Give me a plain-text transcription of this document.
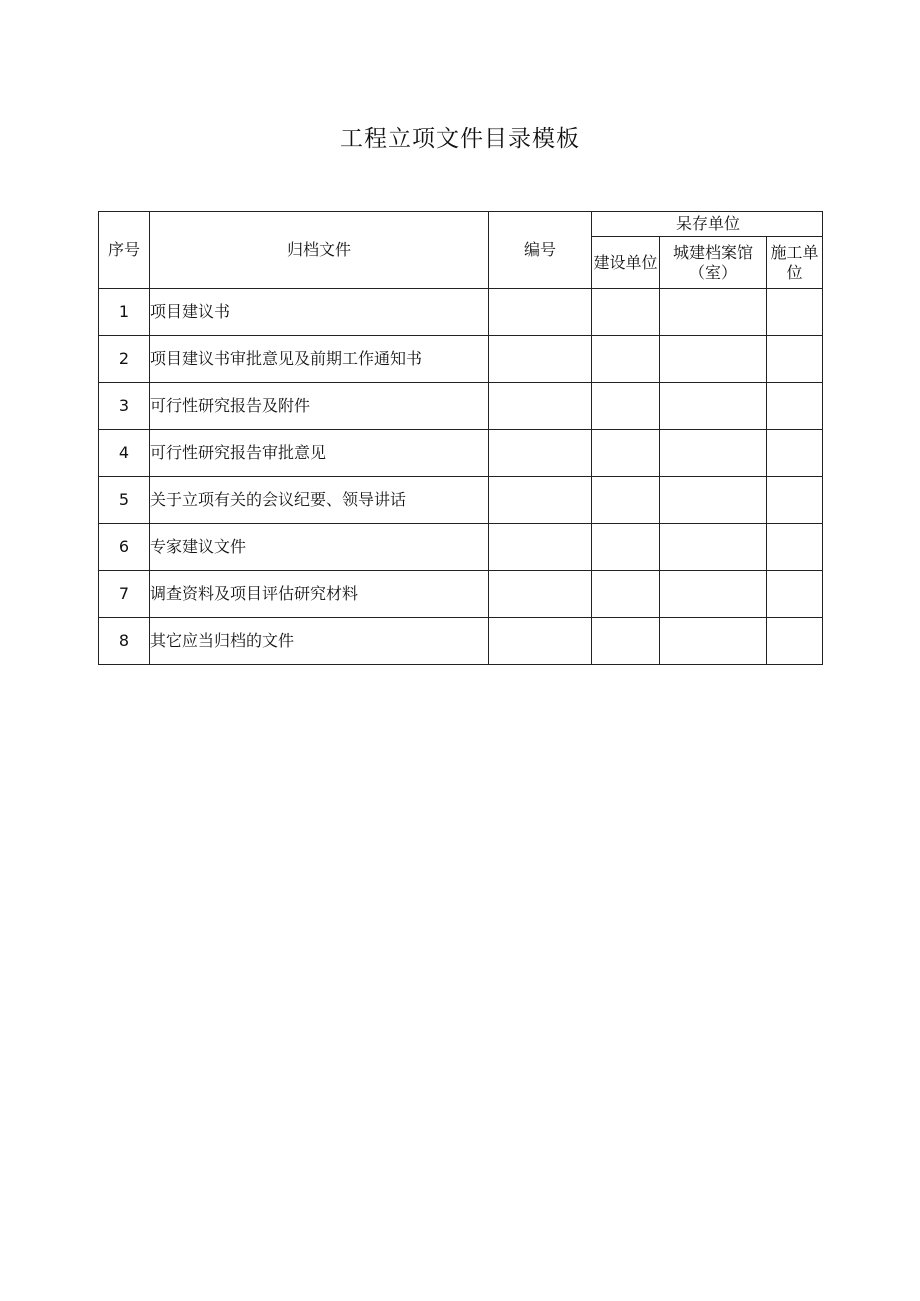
工程立项文件目录模板
序号	归档文件	编号	呆存单位		
			建设单位	城建档案馆（室）	施工单位
1	项目建议书				
2	项目建议书审批意见及前期工作通知书				
3	可行性研究报告及附件				
4	可行性研究报告审批意见				
5	关于立项有关的会议纪要、领导讲话				
6	专家建议文件				
7	调查资料及项目评估研究材料				
8	其它应当归档的文件				
